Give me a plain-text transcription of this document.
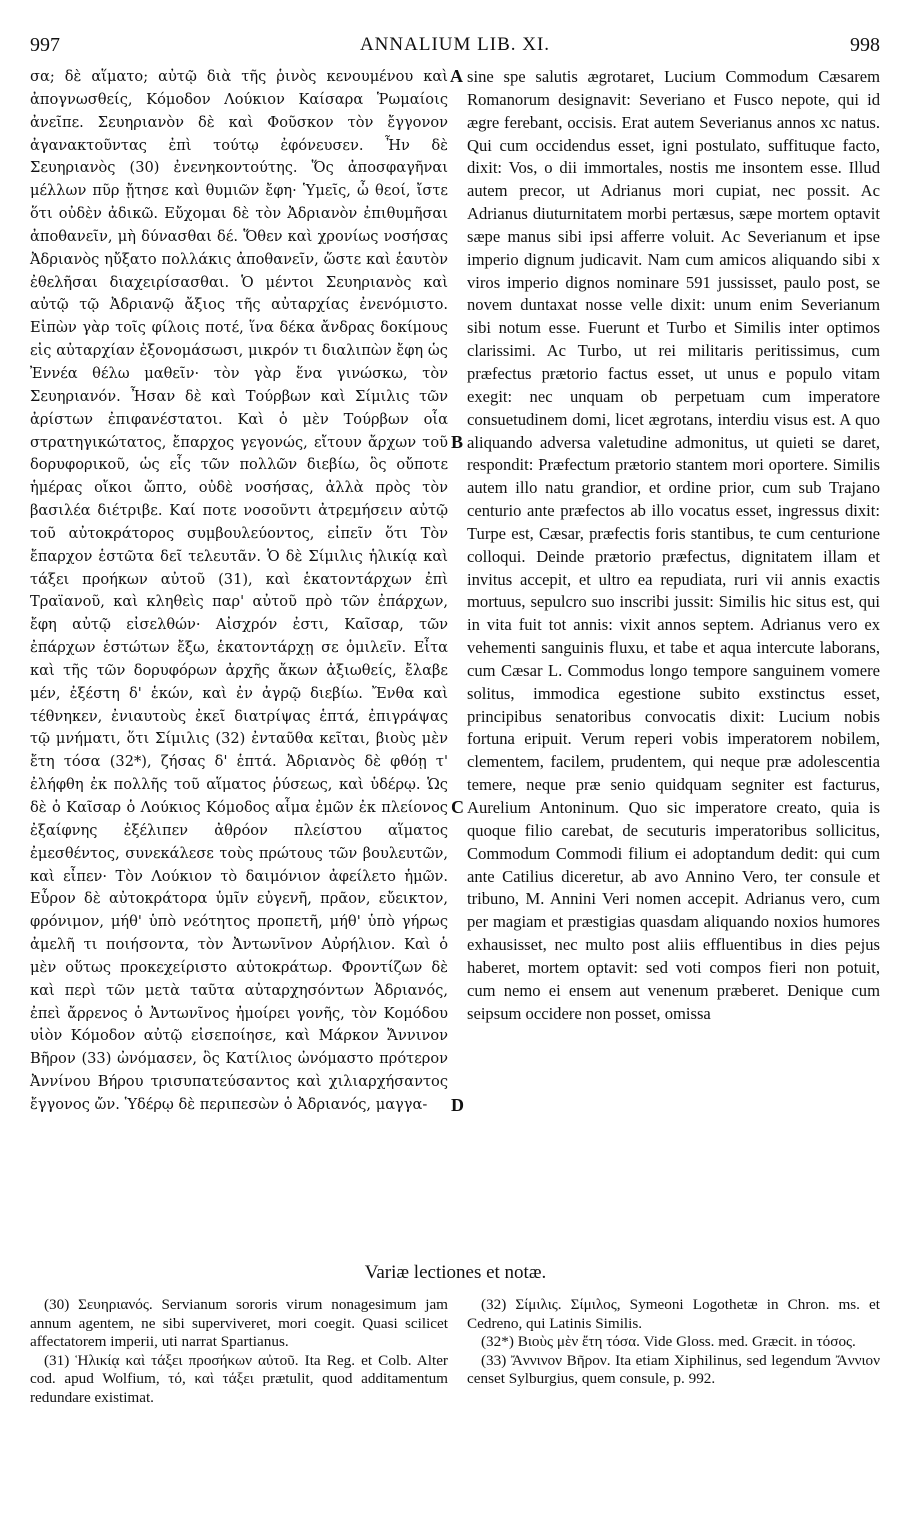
997	ANNALIUM LIB. XI.	998

σα; δὲ αἵματο; αὐτῷ διὰ τῆς ῥινὸς κενουμένου καὶ ἀπογνωσθείς, Κόμοδον Λούκιον Καίσαρα Ῥωμαίοις ἀνεῖπε. Σευηριανὸν δὲ καὶ Φοῦσκον τὸν ἔγγονον ἀγανακτοῦντας ἐπὶ τούτῳ ἐφόνευσεν. Ἦν δὲ Σευηριανὸς (30) ἐνενηκοντούτης. Ὅς ἀποσφαγῆναι μέλλων πῦρ ᾔτησε καὶ θυμιῶν ἔφη· Ὑμεῖς, ὦ θεοί, ἴστε ὅτι οὐδὲν ἀδικῶ. Εὔχομαι δὲ τὸν Ἀδριανὸν ἐπιθυμῆσαι ἀποθανεῖν, μὴ δύνασθαι δέ. Ὅθεν καὶ χρονίως νοσήσας Ἀδριανὸς ηὔξατο πολλάκις ἀποθανεῖν, ὥστε καὶ ἑαυτὸν ἐθελῆσαι διαχειρίσασθαι. Ὁ μέντοι Σευηριανὸς καὶ αὐτῷ τῷ Ἀδριανῷ ἄξιος τῆς αὐταρχίας ἐνενόμιστο. Εἰπὼν γὰρ τοῖς φίλοις ποτέ, ἵνα δέκα ἄνδρας δοκίμους εἰς αὐταρχίαν ἐξονομάσωσι, μικρόν τι διαλιπὼν ἔφη ὡς Ἐννέα θέλω μαθεῖν· τὸν γὰρ ἕνα γινώσκω, τὸν Σευηριανόν. Ἦσαν δὲ καὶ Τούρβων καὶ Σίμιλις τῶν ἀρίστων ἐπιφανέστατοι. Καὶ ὁ μὲν Τούρβων οἷα στρατηγικώτατος, ἔπαρχος γεγονώς, εἴτουν ἄρχων τοῦ δορυφορικοῦ, ὡς εἷς τῶν πολλῶν διεβίω, ὃς οὔποτε ἡμέρας οἴκοι ὤπτο, οὐδὲ νοσήσας, ἀλλὰ πρὸς τὸν βασιλέα διέτριβε. Καί ποτε νοσοῦντι ἀτρεμήσειν αὐτῷ τοῦ αὐτοκράτορος συμβουλεύοντος, εἰπεῖν ὅτι Τὸν ἔπαρχον ἑστῶτα δεῖ τελευτᾶν. Ὁ δὲ Σίμιλις ἡλικίᾳ καὶ τάξει προήκων αὐτοῦ (31), καὶ ἑκατοντάρχων ἐπὶ Τραϊανοῦ, καὶ κληθεὶς παρ' αὐτοῦ πρὸ τῶν ἐπάρχων, ἔφη αὐτῷ εἰσελθών· Αἰσχρόν ἐστι, Καῖσαρ, τῶν ἐπάρχων ἑστώτων ἔξω, ἑκατοντάρχῃ σε ὁμιλεῖν. Εἶτα καὶ τῆς τῶν δορυφόρων ἀρχῆς ἄκων ἀξιωθείς, ἔλαβε μέν, ἐξέστη δ' ἑκών, καὶ ἐν ἀγρῷ διεβίω. Ἔνθα καὶ τέθνηκεν, ἐνιαυτοὺς ἐκεῖ διατρίψας ἑπτά, ἐπιγράψας τῷ μνήματι, ὅτι Σίμιλις (32) ἐνταῦθα κεῖται, βιοὺς μὲν ἔτη τόσα (32*), ζήσας δ' ἑπτά. Ἀδριανὸς δὲ φθόῃ τ' ἐλήφθη ἐκ πολλῆς τοῦ αἵματος ῥύσεως, καὶ ὑδέρῳ. Ὡς δὲ ὁ Καῖσαρ ὁ Λούκιος Κόμοδος αἷμα ἐμῶν ἐκ πλείονος ἐξαίφνης ἐξέλιπεν ἀθρόον πλείστου αἵματος ἐμεσθέντος, συνεκάλεσε τοὺς πρώτους τῶν βουλευτῶν, καὶ εἶπεν· Τὸν Λούκιον τὸ δαιμόνιον ἀφείλετο ἡμῶν. Εὗρον δὲ αὐτοκράτορα ὑμῖν εὐγενῆ, πρᾶον, εὔεικτον, φρόνιμον, μήθ' ὑπὸ νεότητος προπετῆ, μήθ' ὑπὸ γήρως ἀμελῆ τι ποιήσοντα, τὸν Ἀντωνῖνον Αὐρήλιον. Καὶ ὁ μὲν οὕτως προκεχείριστο αὐτοκράτωρ. Φροντίζων δὲ καὶ περὶ τῶν μετὰ ταῦτα αὐταρχησόντων Ἀδριανός, ἐπεὶ ἄρρενος ὁ Ἀντωνῖνος ἠμοίρει γονῆς, τὸν Κομόδου υἱὸν Κόμοδον αὐτῷ εἰσεποίησε, καὶ Μάρκον Ἄννινον Βῆρον (33) ὠνόμασεν, ὃς Κατίλιος ὠνόμαστο πρότερον Ἀννίνου Βήρου τρισυπατεύσαντος καὶ χιλιαρχήσαντος ἔγγονος ὤν. Ὑδέρῳ δὲ περιπεσὼν ὁ Ἀδριανός, μαγγα-

A
B
C
D

sine spe salutis ægrotaret, Lucium Commodum Cæsarem Romanorum designavit: Severiano et Fusco nepote, qui id ægre ferebant, occisis. Erat autem Severianus annos xc natus. Qui cum occidendus esset, igni postulato, suffituque facto, dixit: Vos, o dii immortales, nostis me insontem esse. Illud autem precor, ut Adrianus mori cupiat, nec possit. Ac Adrianus diuturnitatem morbi pertæsus, sæpe mortem optavit sæpe manus sibi ipsi afferre voluit. Ac Severianum et ipse imperio dignum judicavit. Nam cum amicos aliquando sibi x viros imperio dignos nominare 591 jussisset, paulo post, se novem duntaxat nosse velle dixit: unum enim Severianum sibi notum esse. Fuerunt et Turbo et Similis inter optimos clarissimi. Ac Turbo, ut rei militaris peritissimus, cum præfectus prætorio factus esset, ut unus e populo vitam exegit: nec unquam ob perpetuam cum imperatore consuetudinem domi, licet ægrotans, interdiu visus est. A quo aliquando adversa valetudine admonitus, ut quieti se daret, respondit: Præfectum prætorio stantem mori oportere. Similis autem illo natu grandior, et ordine prior, cum sub Trajano centurio ante præfectos ab illo vocatus esset, ingressus dixit: Turpe est, Cæsar, præfectis foris stantibus, te cum centurione colloqui. Deinde prætorio præfectus, dignitatem illam et invitus accepit, et ultro ea repudiata, ruri vii annis exactis mortuus, sepulcro suo inscribi jussit: Similis hic situs est, qui in vita fuit tot annis: vixit annos septem. Adrianus vero ex vehementi sanguinis fluxu, et tabe et aqua intercute laborans, cum Cæsar L. Commodus longo tempore sanguinem vomere solitus, immodica egestione subito exstinctus esset, principibus senatoribus convocatis dixit: Lucium nobis fortuna eripuit. Verum reperi vobis imperatorem nobilem, clementem, facilem, prudentem, qui neque præ adolescentia temere, neque præ senio quidquam segniter est facturus, Aurelium Antoninum. Quo sic imperatore creato, quia is quoque filio carebat, de secuturis imperatoribus sollicitus, Commodum Commodi filium ei adoptandum dedit: qui cum ante Catilius diceretur, ab avo Annino Vero, ter consule et tribuno, M. Annini Veri nomen accepit. Adrianus vero, cum per magiam et præstigias quasdam aliquando noxios humores exhausisset, nec multo post aliis effluentibus in dies pejus haberet, mortem optavit: sed voti compos fieri non potuit, cum nemo ei ensem aut venenum præberet. Denique cum seipsum occidere non posset, omissa

Variæ lectiones et notæ.

(30) Σευηριανός. Servianum sororis virum nonagesimum jam annum agentem, ne sibi superviveret, mori coegit. Quasi scilicet affectatorem imperii, uti narrat Spartianus.

(31) Ἡλικίᾳ καὶ τάξει προσήκων αὐτοῦ. Ita Reg. et Colb. Alter cod. apud Wolfium, τό, καὶ τάξει prætulit, quod additamentum redundare existimat.

(32) Σίμιλις. Σίμιλος, Symeoni Logothetæ in Chron. ms. et Cedreno, qui Latinis Similis.

(32*) Βιοὺς μὲν ἔτη τόσα. Vide Gloss. med. Græcit. in τόσος.

(33) Ἄννινον Βῆρον. Ita etiam Xiphilinus, sed legendum Ἄννιον censet Sylburgius, quem consule, p. 992.
